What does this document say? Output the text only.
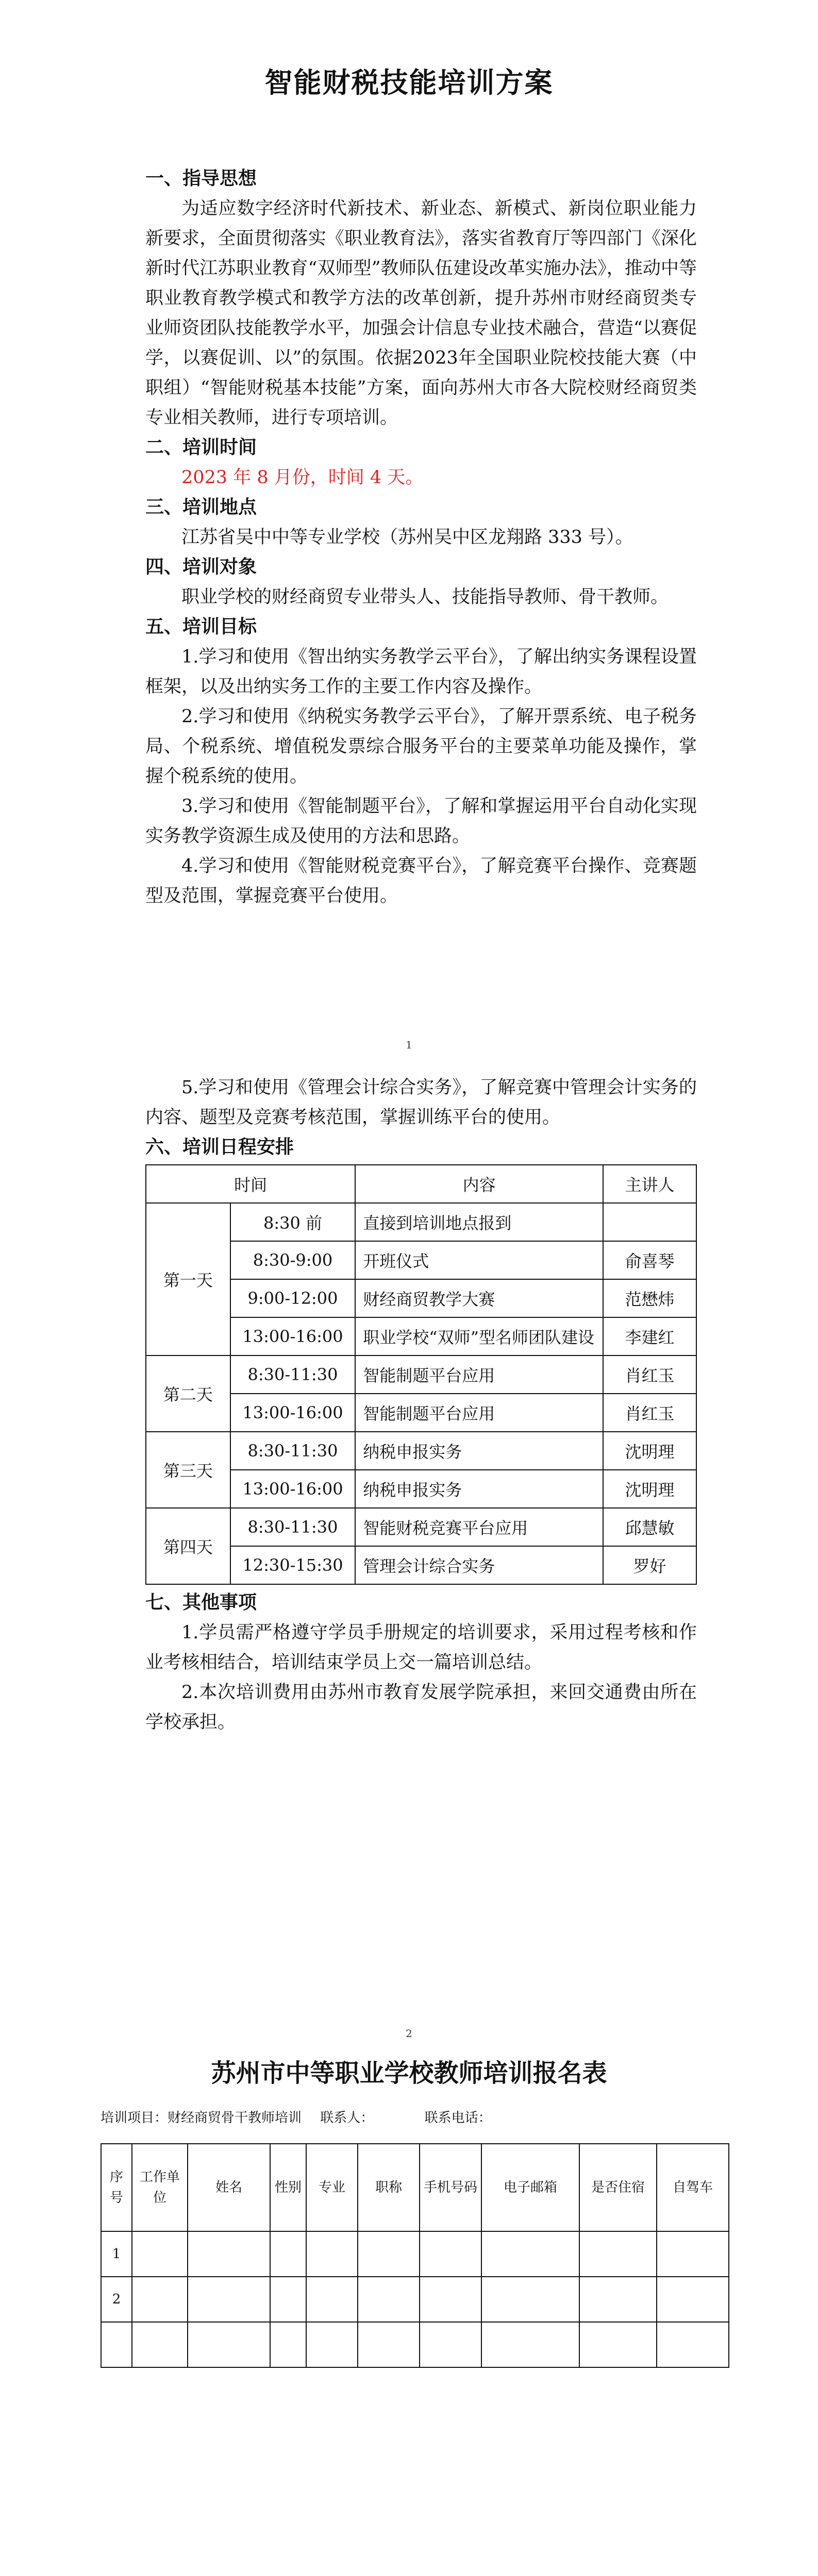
智能财税技能培训方案
一、指导思想

为适应数字经济时代新技术、新业态、新模式、新岗位职业能力新要求，全面贯彻落实《职业教育法》，落实省教育厅等四部门《深化新时代江苏职业教育“双师型”教师队伍建设改革实施办法》，推动中等职业教育教学模式和教学方法的改革创新，提升苏州市财经商贸类专业师资团队技能教学水平，加强会计信息专业技术融合，营造“以赛促学，以赛促训、以”的氛围。依据2023年全国职业院校技能大赛（中职组）“智能财税基本技能”方案，面向苏州大市各大院校财经商贸类专业相关教师，进行专项培训。

二、培训时间

2023 年 8 月份，时间 4 天。

三、培训地点

江苏省吴中中等专业学校（苏州吴中区龙翔路 333 号）。

四、培训对象

职业学校的财经商贸专业带头人、技能指导教师、骨干教师。

五、培训目标

1.学习和使用《智出纳实务教学云平台》，了解出纳实务课程设置框架，以及出纳实务工作的主要工作内容及操作。

2.学习和使用《纳税实务教学云平台》，了解开票系统、电子税务局、个税系统、增值税发票综合服务平台的主要菜单功能及操作，掌握个税系统的使用。

3.学习和使用《智能制题平台》，了解和掌握运用平台自动化实现实务教学资源生成及使用的方法和思路。

4.学习和使用《智能财税竞赛平台》，了解竞赛平台操作、竞赛题型及范围，掌握竞赛平台使用。

1

5.学习和使用《管理会计综合实务》，了解竞赛中管理会计实务的内容、题型及竞赛考核范围，掌握训练平台的使用。

六、培训日程安排
时间		内容	主讲人
第一天	8:30 前	直接到培训地点报到	
	8:30-9:00	开班仪式	俞喜琴
	9:00-12:00	财经商贸教学大赛	范懋炜
	13:00-16:00	职业学校“双师”型名师团队建设	李建红
第二天	8:30-11:30	智能制题平台应用	肖红玉
	13:00-16:00	智能制题平台应用	肖红玉
第三天	8:30-11:30	纳税申报实务	沈明理
	13:00-16:00	纳税申报实务	沈明理
第四天	8:30-11:30	智能财税竞赛平台应用	邱慧敏
	12:30-15:30	管理会计综合实务	罗好
七、其他事项

1.学员需严格遵守学员手册规定的培训要求，采用过程考核和作业考核相结合，培训结束学员上交一篇培训总结。

2.本次培训费用由苏州市教育发展学院承担，来回交通费由所在学校承担。

2
苏州市中等职业学校教师培训报名表
培训项目：财经商贸骨干教师培训 联系人：	联系电话：
序号	工作单位	姓名	性别	专业	职称	手机号码	电子邮箱	是否住宿	自驾车
1									
2									
